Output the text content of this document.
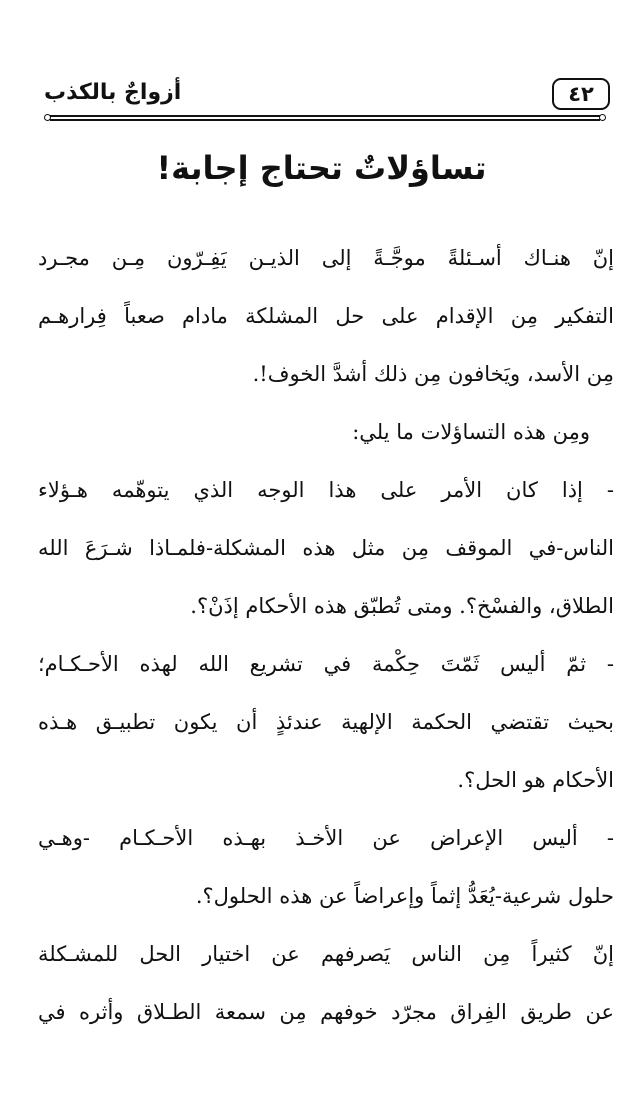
٤٢
أزواجٌ بالكذب
تساؤلاتٌ تحتاج إجابة!
إنّ هنـاك أسـئلةً موجَّـةً إلى الذيـن يَفِـرّون مِـن مجـرد
التفكير مِن الإقدام على حل المشلكة مادام صعباً فِرارهـم
مِن الأسد، ويَخافون مِن ذلك أشدَّ الخوف!.
ومِن هذه التساؤلات ما يلي:
- إذا كان الأمر على هذا الوجه الذي يتوهّمه هـؤلاء
الناس-في الموقف مِن مثل هذه المشكلة-فلمـاذا شـرَعَ الله
الطلاق، والفسْخ؟. ومتى تُطبّق هذه الأحكام إذَنْ؟.
- ثمّ أليس ثَمّتَ حِكْمة في تشريع الله لهذه الأحـكـام؛
بحيث تقتضي الحكمة الإلهية عندئذٍ أن يكون تطبيـق هـذه
الأحكام هو الحل؟.
- أليس الإعراض عن الأخـذ بهـذه الأحـكـام -وهـي
حلول شرعية-يُعَدُّ إثماً وإعراضاً عن هذه الحلول؟.
إنّ كثيراً مِن الناس يَصرفهم عن اختيار الحل للمشـكلة
عن طريق الفِراق مجرّد خوفهم مِن سمعة الطـلاق وأثره في
